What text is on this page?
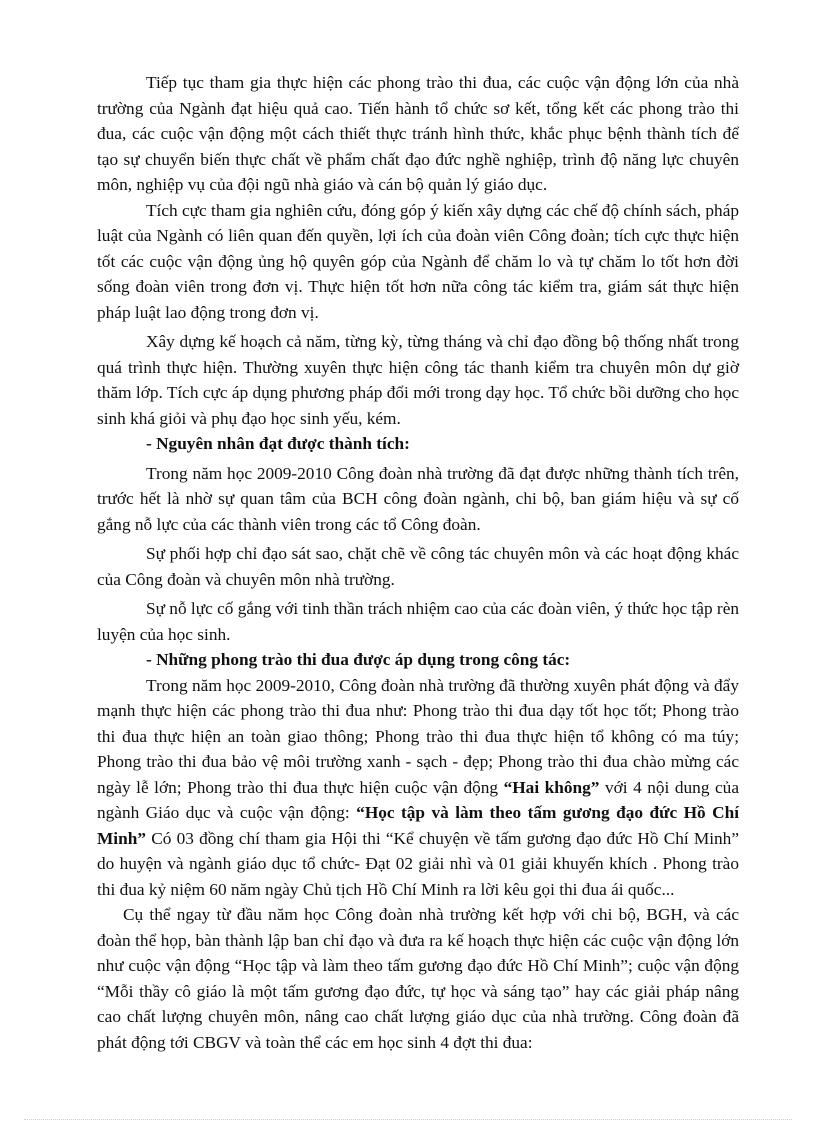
Tiếp tục tham gia thực hiện các phong trào thi đua, các cuộc vận động lớn của nhà trường của Ngành đạt hiệu quả cao. Tiến hành tổ chức sơ kết, tổng kết các phong trào thi đua, các cuộc vận động một cách thiết thực tránh hình thức, khắc phục bệnh thành tích để tạo sự chuyển biến thực chất về phẩm chất đạo đức nghề nghiệp, trình độ năng lực chuyên môn, nghiệp vụ của đội ngũ nhà giáo và cán bộ quản lý giáo dục.

Tích cực tham gia nghiên cứu, đóng góp ý kiến xây dựng các chế độ chính sách, pháp luật của Ngành có liên quan đến quyền, lợi ích của đoàn viên Công đoàn; tích cực thực hiện tốt các cuộc vận động ủng hộ quyên góp của Ngành để chăm lo và tự chăm lo tốt hơn đời sống đoàn viên trong đơn vị. Thực hiện tốt hơn nữa công tác kiểm tra, giám sát thực hiện pháp luật lao động trong đơn vị.

Xây dựng kế hoạch cả năm, từng kỳ, từng tháng và chỉ đạo đồng bộ thống nhất trong quá trình thực hiện. Thường xuyên thực hiện công tác thanh kiểm tra chuyên môn dự giờ thăm lớp. Tích cực áp dụng phương pháp đổi mới trong dạy học. Tổ chức bồi dưỡng cho học sinh khá giỏi và phụ đạo học sinh yếu, kém.

- Nguyên nhân đạt được thành tích:

Trong năm học 2009-2010 Công đoàn nhà trường đã đạt được những thành tích trên, trước hết là nhờ sự quan tâm của BCH công đoàn ngành, chi bộ, ban giám hiệu và sự cố gắng nỗ lực của các thành viên trong các tổ Công đoàn.

Sự phối hợp chỉ đạo sát sao, chặt chẽ về công tác chuyên môn và các hoạt động khác của Công đoàn và chuyên môn nhà trường.

Sự nỗ lực cố gắng với tinh thần trách nhiệm cao của các đoàn viên, ý thức học tập rèn luyện của học sinh.

- Những phong trào thi đua được áp dụng trong công tác:

Trong năm học 2009-2010, Công đoàn nhà trường đã thường xuyên phát động và đẩy mạnh thực hiện các phong trào thi đua như: Phong trào thi đua dạy tốt học tốt; Phong trào thi đua thực hiện an toàn giao thông; Phong trào thi đua thực hiện tổ không có ma túy; Phong trào thi đua bảo vệ môi trường xanh - sạch - đẹp; Phong trào thi đua chào mừng các ngày lễ lớn; Phong trào thi đua thực hiện cuộc vận động “Hai không” với 4 nội dung của ngành Giáo dục và cuộc vận động: “Học tập và làm theo tấm gương đạo đức Hồ Chí Minh” Có 03 đồng chí tham gia Hội thi “Kể chuyện về tấm gương đạo đức Hồ Chí Minh” do huyện và ngành giáo dục tổ chức- Đạt 02 giải nhì và 01 giải khuyến khích . Phong trào thi đua kỷ niệm 60 năm ngày Chủ tịch Hồ Chí Minh ra lời kêu gọi thi đua ái quốc...

Cụ thể ngay từ đầu năm học Công đoàn nhà trường kết hợp với chi bộ, BGH, và các đoàn thể họp, bàn thành lập ban chỉ đạo và đưa ra kế hoạch thực hiện các cuộc vận động lớn như cuộc vận động “Học tập và làm theo tấm gương đạo đức Hồ Chí Minh”; cuộc vận động “Mỗi thầy cô giáo là một tấm gương đạo đức, tự học và sáng tạo” hay các giải pháp nâng cao chất lượng chuyên môn, nâng cao chất lượng giáo dục của nhà trường. Công đoàn đã phát động tới CBGV và toàn thể các em học sinh 4 đợt thi đua:
